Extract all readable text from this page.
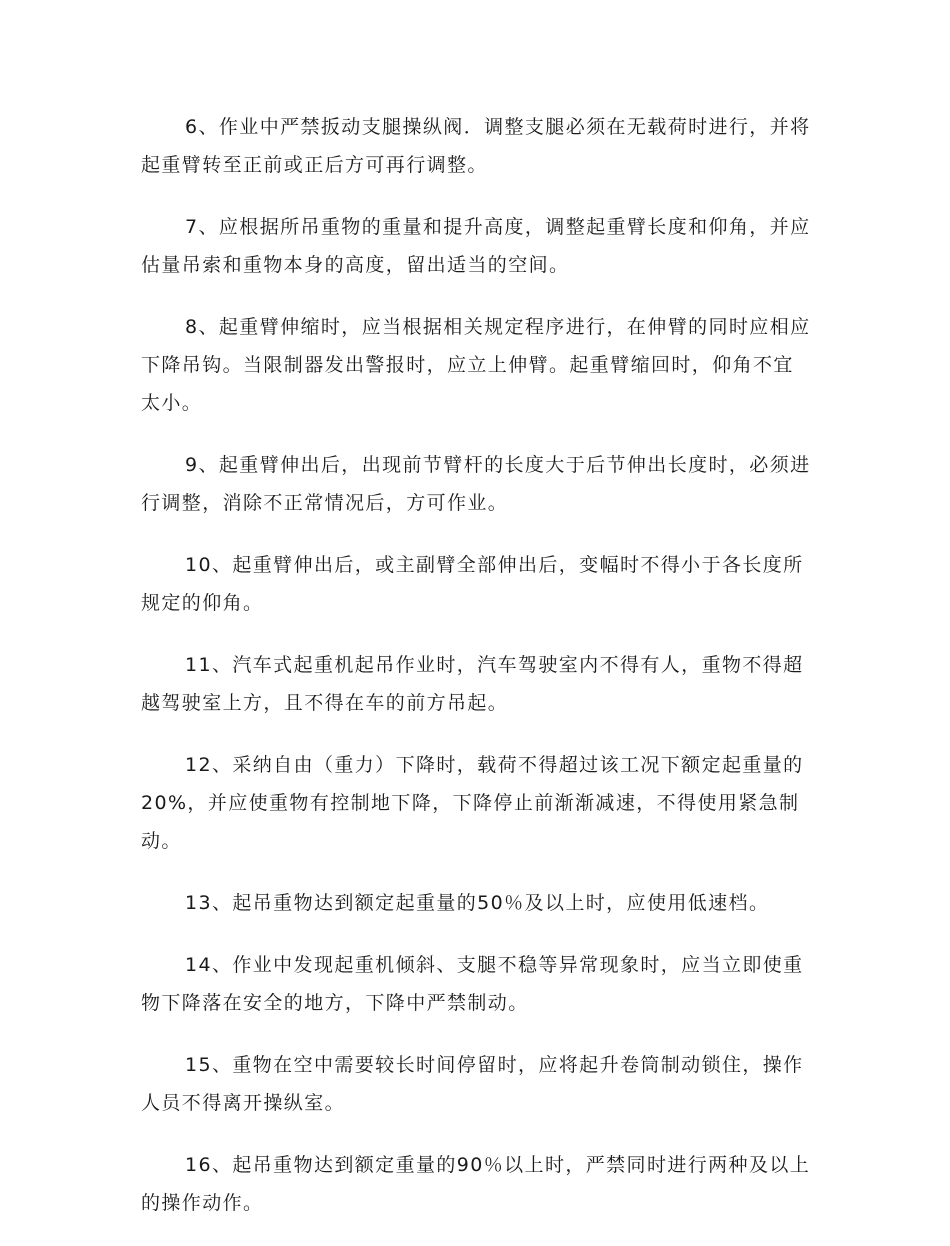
6、作业中严禁扳动支腿操纵阀．调整支腿必须在无载荷时进行，并将起重臂转至正前或正后方可再行调整。

7、应根据所吊重物的重量和提升高度，调整起重臂长度和仰角，并应估量吊索和重物本身的高度，留出适当的空间。

8、起重臂伸缩时，应当根据相关规定程序进行，在伸臂的同时应相应下降吊钩。当限制器发出警报时，应立上伸臂。起重臂缩回时，仰角不宜太小。

9、起重臂伸出后，出现前节臂杆的长度大于后节伸出长度时，必须进行调整，消除不正常情况后，方可作业。

10、起重臂伸出后，或主副臂全部伸出后，变幅时不得小于各长度所规定的仰角。

11、汽车式起重机起吊作业时，汽车驾驶室内不得有人，重物不得超越驾驶室上方，且不得在车的前方吊起。

12、采纳自由（重力）下降时，载荷不得超过该工况下额定起重量的20%，并应使重物有控制地下降，下降停止前渐渐减速，不得使用紧急制动。

13、起吊重物达到额定起重量的50％及以上时，应使用低速档。

14、作业中发现起重机倾斜、支腿不稳等异常现象时，应当立即使重物下降落在安全的地方，下降中严禁制动。

15、重物在空中需要较长时间停留时，应将起升卷筒制动锁住，操作人员不得离开操纵室。

16、起吊重物达到额定重量的90％以上时，严禁同时进行两种及以上的操作动作。
